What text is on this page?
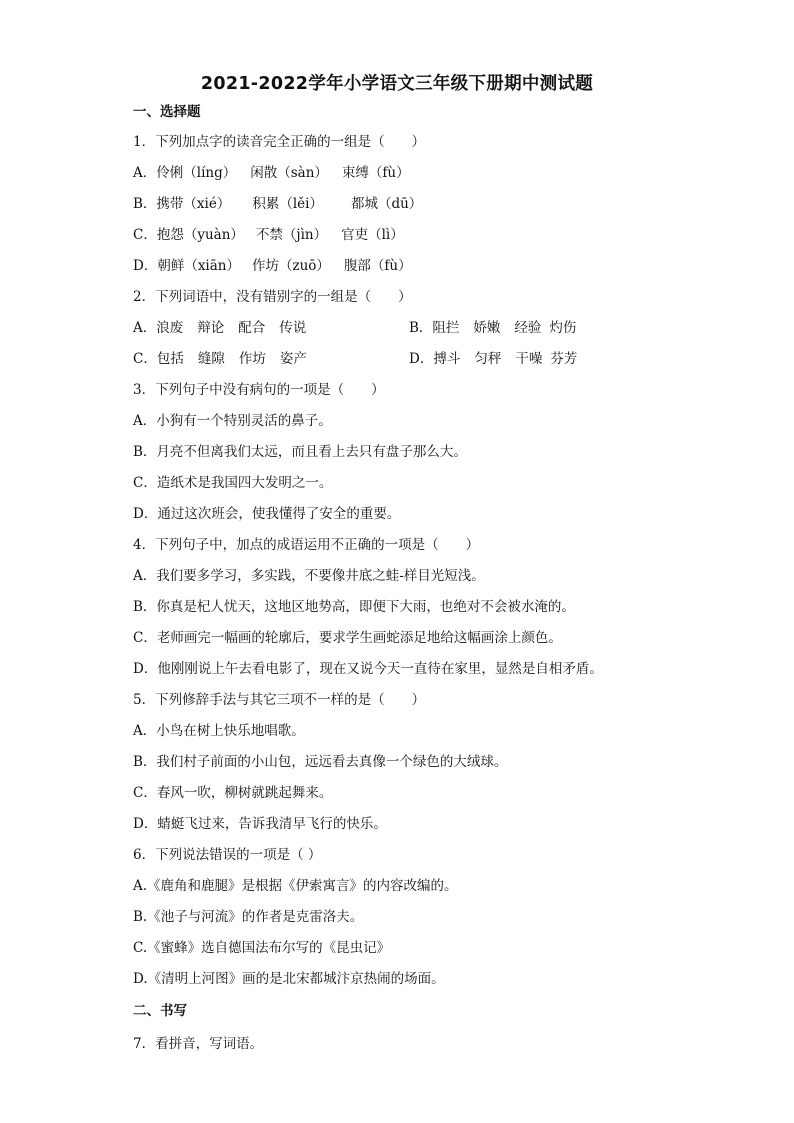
2021-2022学年小学语文三年级下册期中测试题
一、选择题
1．下列加点字的读音完全正确的一组是（　　）
A．伶俐（líng） 闲散（sàn） 束缚（fù）
B．携带（xié） 积累（lěi） 都城（dū）
C．抱怨（yuàn） 不禁（jìn） 官吏（lì）
D．朝鲜（xiān） 作坊（zuō） 腹部（fù）
2．下列词语中，没有错别字的一组是（　　）
A．浪废 辩论 配合 传说	B．阻拦 娇嫩 经验 灼伤
C．包括 缝隙 作坊 姿产	D．搏斗 匀秤 干噪 芬芳
3．下列句子中没有病句的一项是（　　）
A．小狗有一个特别灵活的鼻子。
B．月亮不但离我们太远，而且看上去只有盘子那么大。
C．造纸术是我国四大发明之一。
D．通过这次班会，使我懂得了安全的重要。
4．下列句子中，加点的成语运用不正确的一项是（　　）
A．我们要多学习，多实践，不要像井底之蛙-样目光短浅。
B．你真是杞人忧天，这地区地势高，即便下大雨，也绝对不会被水淹的。
C．老师画完一幅画的轮廓后，要求学生画蛇添足地给这幅画涂上颜色。
D．他刚刚说上午去看电影了，现在又说今天一直待在家里，显然是自相矛盾。
5．下列修辞手法与其它三项不一样的是（　　）
A．小鸟在树上快乐地唱歌。
B．我们村子前面的小山包，远远看去真像一个绿色的大绒球。
C．春风一吹，柳树就跳起舞来。
D．蜻蜓飞过来，告诉我清早飞行的快乐。
6．下列说法错误的一项是（ ）
A.《鹿角和鹿腿》是根据《伊索寓言》的内容改编的。
B.《池子与河流》的作者是克雷洛夫。
C.《蜜蜂》选自德国法布尔写的《昆虫记》
D.《清明上河图》画的是北宋都城汴京热闹的场面。
二、书写
7．看拼音，写词语。
